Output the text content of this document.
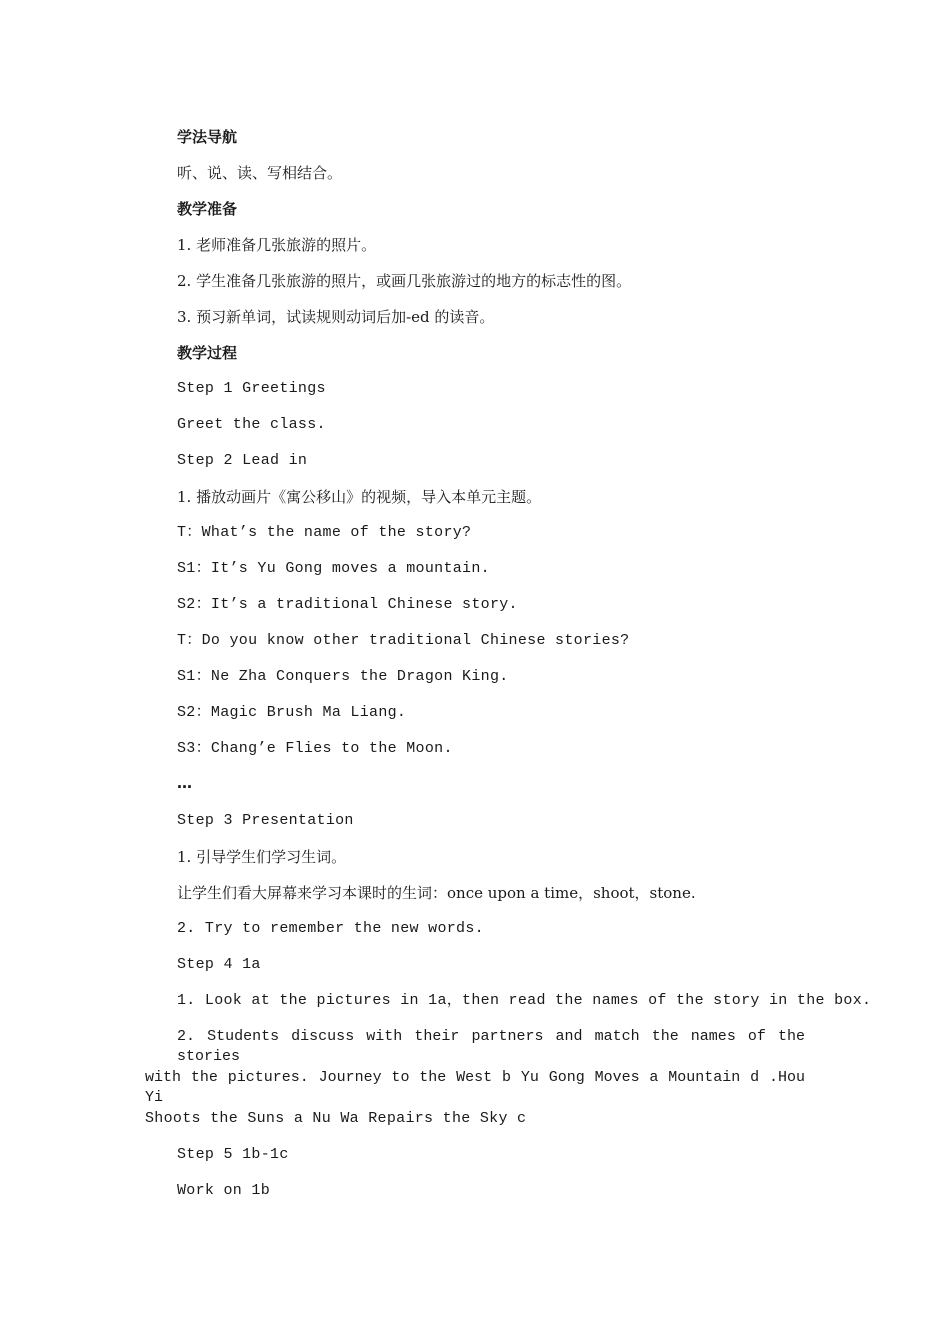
学法导航
听、说、读、写相结合。
教学准备
1. 老师准备几张旅游的照片。
2. 学生准备几张旅游的照片，或画几张旅游过的地方的标志性的图。
3. 预习新单词，试读规则动词后加-ed 的读音。
教学过程
Step 1 Greetings
Greet the class.
Step 2 Lead in
1. 播放动画片《寓公移山》的视频，导入本单元主题。
T：What’s the name of the story?
S1：It’s Yu Gong moves a mountain.
S2：It’s a traditional Chinese story.
T：Do you know other traditional Chinese stories?
S1：Ne Zha Conquers the Dragon King.
S2：Magic Brush Ma Liang.
S3：Chang’e Flies to the Moon.
…
Step 3 Presentation
1. 引导学生们学习生词。
让学生们看大屏幕来学习本课时的生词：once upon a time，shoot，stone.
2. Try to remember the new words.
Step 4 1a
1. Look at the pictures in 1a，then read the names of the story in the box.
2. Students discuss with their partners and match the names of the stories
with the pictures. Journey to the West b Yu Gong Moves a Mountain d .Hou Yi
Shoots the Suns a Nu Wa Repairs the Sky c
Step 5 1b-1c
Work on 1b
